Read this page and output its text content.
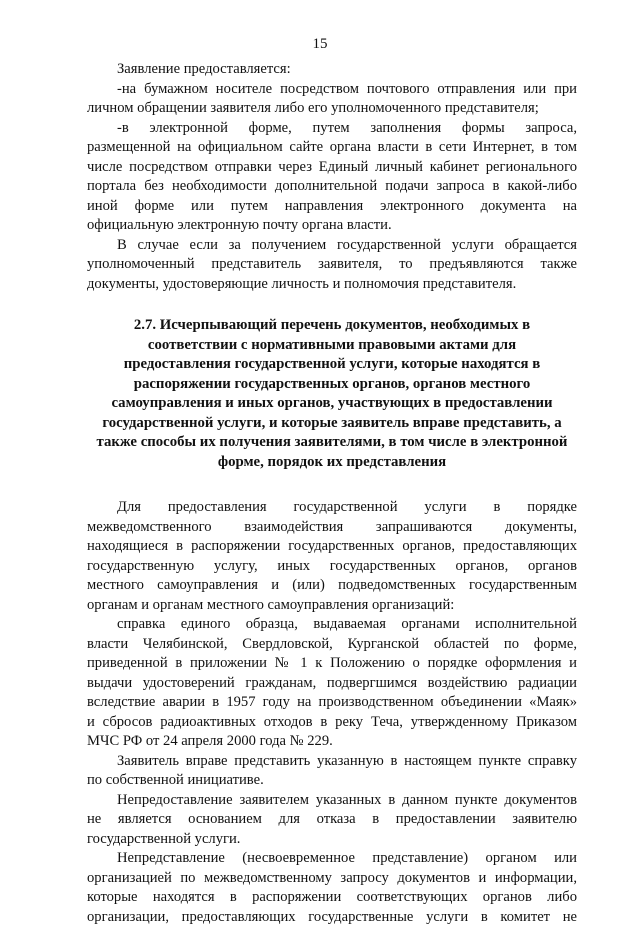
15
Заявление предоставляется:
-на бумажном носителе посредством почтового отправления или при
личном обращении заявителя либо его уполномоченного представителя;
-в электронной форме, путем заполнения формы запроса,
размещенной на официальном сайте органа власти в сети Интернет, в том
числе посредством отправки через Единый личный кабинет регионального
портала без необходимости дополнительной подачи запроса в какой-либо
иной форме или путем направления электронного документа на
официальную электронную почту органа власти.
В случае если за получением государственной услуги обращается
уполномоченный представитель заявителя, то предъявляются также
документы, удостоверяющие личность и полномочия представителя.
2.7. Исчерпывающий перечень документов, необходимых в
соответствии с нормативными правовыми актами для
предоставления государственной услуги, которые находятся в
распоряжении государственных органов, органов местного
самоуправления и иных органов, участвующих в предоставлении
государственной услуги, и которые заявитель вправе представить, а
также способы их получения заявителями, в том числе в электронной
форме, порядок их представления
Для предоставления государственной услуги в порядке
межведомственного взаимодействия запрашиваются документы,
находящиеся в распоряжении государственных органов, предоставляющих
государственную услугу, иных государственных органов, органов
местного самоуправления и (или) подведомственных государственным
органам и органам местного самоуправления организаций:
справка единого образца, выдаваемая органами исполнительной
власти Челябинской, Свердловской, Курганской областей по форме,
приведенной в приложении № 1 к Положению о порядке оформления и
выдачи удостоверений гражданам, подвергшимся воздействию радиации
вследствие аварии в 1957 году на производственном объединении «Маяк»
и сбросов радиоактивных отходов в реку Теча, утвержденному Приказом
МЧС РФ от 24 апреля 2000 года № 229.
Заявитель вправе представить указанную в настоящем пункте справку
по собственной инициативе.
Непредоставление заявителем указанных в данном пункте документов
не является основанием для отказа в предоставлении заявителю
государственной услуги.
Непредставление (несвоевременное представление) органом или
организацией по межведомственному запросу документов и информации,
которые находятся в распоряжении соответствующих органов либо
организации, предоставляющих государственные услуги в комитет не
